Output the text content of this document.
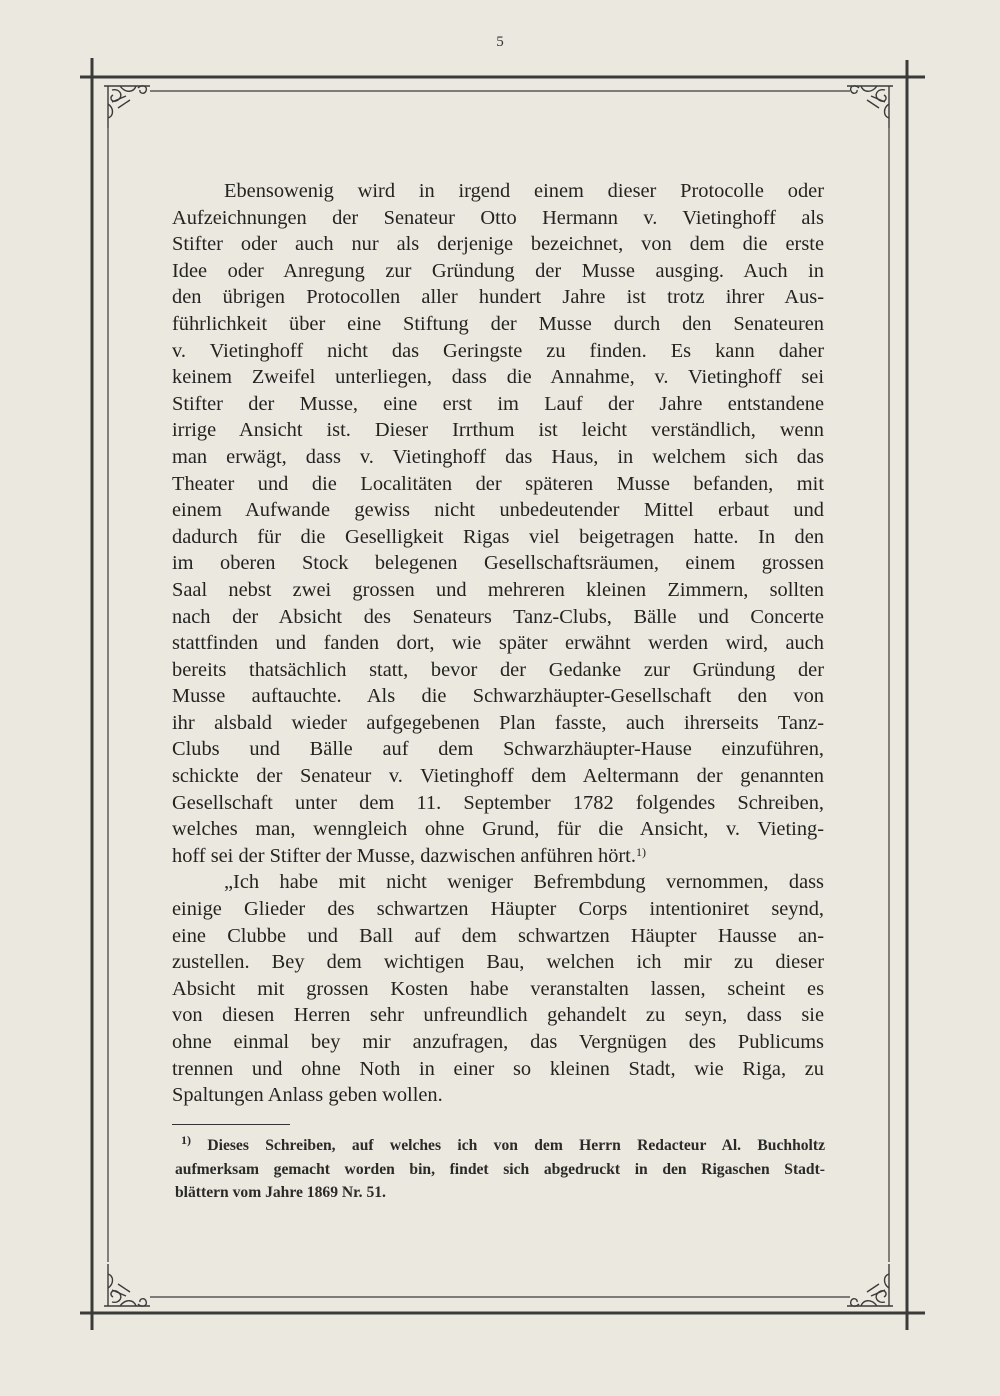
5
Ebensowenig wird in irgend einem dieser Protocolle oder
Aufzeichnungen der Senateur Otto Hermann v. Vietinghoff als
Stifter oder auch nur als derjenige bezeichnet, von dem die erste
Idee oder Anregung zur Gründung der Musse ausging. Auch in
den übrigen Protocollen aller hundert Jahre ist trotz ihrer Aus-
führlichkeit über eine Stiftung der Musse durch den Senateuren
v. Vietinghoff nicht das Geringste zu finden. Es kann daher
keinem Zweifel unterliegen, dass die Annahme, v. Vietinghoff sei
Stifter der Musse, eine erst im Lauf der Jahre entstandene
irrige Ansicht ist. Dieser Irrthum ist leicht verständlich, wenn
man erwägt, dass v. Vietinghoff das Haus, in welchem sich das
Theater und die Localitäten der späteren Musse befanden, mit
einem Aufwande gewiss nicht unbedeutender Mittel erbaut und
dadurch für die Geselligkeit Rigas viel beigetragen hatte. In den
im oberen Stock belegenen Gesellschaftsräumen, einem grossen
Saal nebst zwei grossen und mehreren kleinen Zimmern, sollten
nach der Absicht des Senateurs Tanz-Clubs, Bälle und Concerte
stattfinden und fanden dort, wie später erwähnt werden wird, auch
bereits thatsächlich statt, bevor der Gedanke zur Gründung der
Musse auftauchte. Als die Schwarzhäupter-Gesellschaft den von
ihr alsbald wieder aufgegebenen Plan fasste, auch ihrerseits Tanz-
Clubs und Bälle auf dem Schwarzhäupter-Hause einzuführen,
schickte der Senateur v. Vietinghoff dem Aeltermann der genannten
Gesellschaft unter dem 11. September 1782 folgendes Schreiben,
welches man, wenngleich ohne Grund, für die Ansicht, v. Vieting-
hoff sei der Stifter der Musse, dazwischen anführen hört.$^{1)}$
„Ich habe mit nicht weniger Befrembdung vernommen, dass
einige Glieder des schwartzen Häupter Corps intentioniret seynd,
eine Clubbe und Ball auf dem schwartzen Häupter Hausse an-
zustellen. Bey dem wichtigen Bau, welchen ich mir zu dieser
Absicht mit grossen Kosten habe veranstalten lassen, scheint es
von diesen Herren sehr unfreundlich gehandelt zu seyn, dass sie
ohne einmal bey mir anzufragen, das Vergnügen des Publicums
trennen und ohne Noth in einer so kleinen Stadt, wie Riga, zu
Spaltungen Anlass geben wollen.
$^{1)}$ Dieses Schreiben, auf welches ich von dem Herrn Redacteur Al. Buchholtz
aufmerksam gemacht worden bin, findet sich abgedruckt in den Rigaschen Stadt-
blättern vom Jahre 1869 Nr. 51.
